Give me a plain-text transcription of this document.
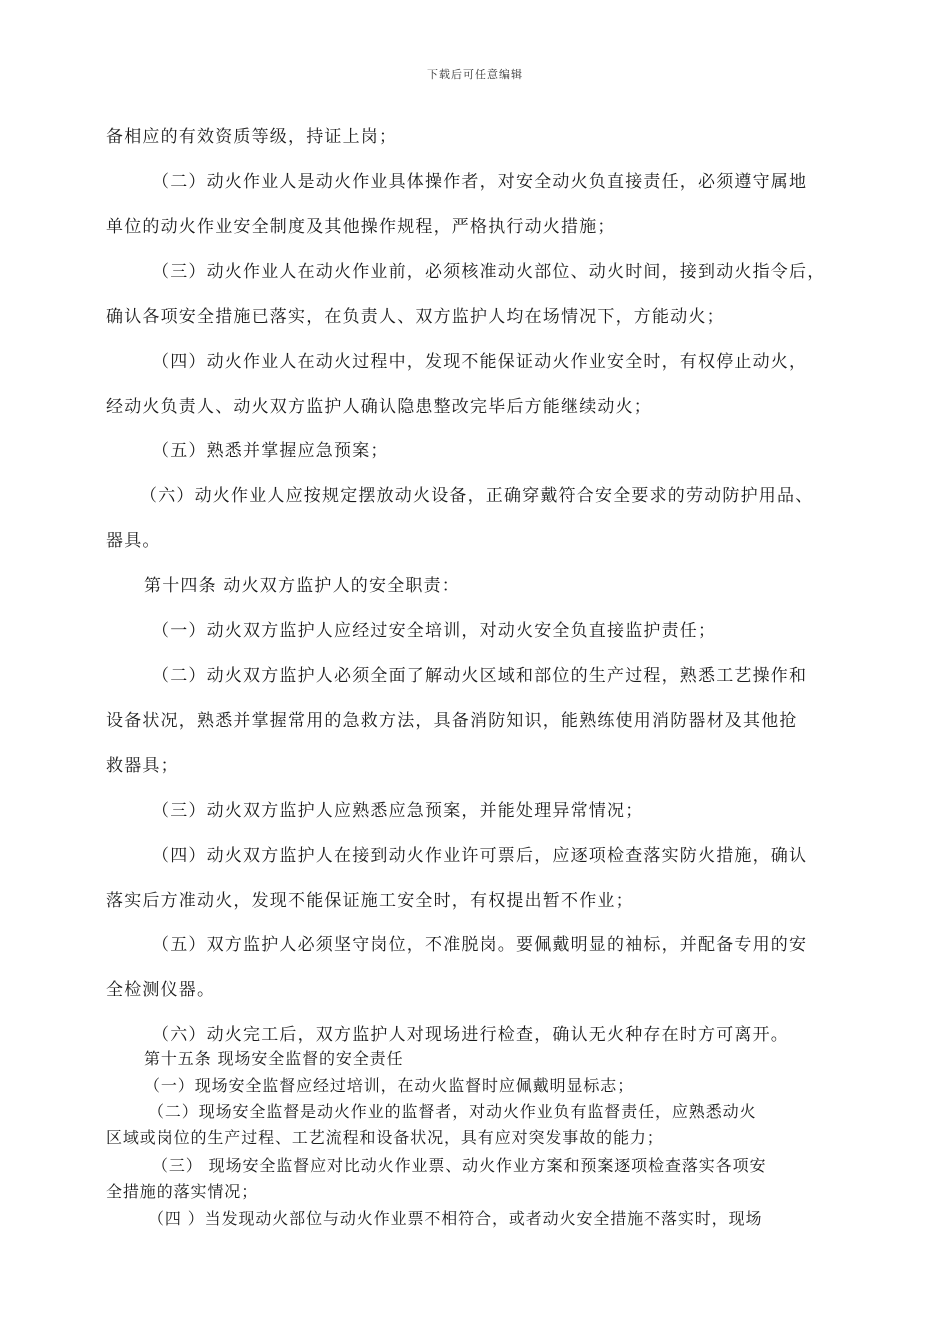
下载后可任意编辑
备相应的有效资质等级，持证上岗；
（二）动火作业人是动火作业具体操作者，对安全动火负直接责任，必须遵守属地
单位的动火作业安全制度及其他操作规程，严格执行动火措施；
（三）动火作业人在动火作业前，必须核准动火部位、动火时间，接到动火指令后，
确认各项安全措施已落实，在负责人、双方监护人均在场情况下，方能动火；
（四）动火作业人在动火过程中，发现不能保证动火作业安全时，有权停止动火，
经动火负责人、动火双方监护人确认隐患整改完毕后方能继续动火；
（五）熟悉并掌握应急预案；
（六）动火作业人应按规定摆放动火设备，正确穿戴符合安全要求的劳动防护用品、
器具。
第十四条 动火双方监护人的安全职责：
（一）动火双方监护人应经过安全培训，对动火安全负直接监护责任；
（二）动火双方监护人必须全面了解动火区域和部位的生产过程，熟悉工艺操作和
设备状况，熟悉并掌握常用的急救方法，具备消防知识，能熟练使用消防器材及其他抢
救器具；
（三）动火双方监护人应熟悉应急预案，并能处理异常情况；
（四）动火双方监护人在接到动火作业许可票后，应逐项检查落实防火措施，确认
落实后方准动火，发现不能保证施工安全时，有权提出暂不作业；
（五）双方监护人必须坚守岗位，不准脱岗。要佩戴明显的袖标，并配备专用的安
全检测仪器。
（六）动火完工后，双方监护人对现场进行检查，确认无火种存在时方可离开。
第十五条 现场安全监督的安全责任
（一）现场安全监督应经过培训，在动火监督时应佩戴明显标志；
（二）现场安全监督是动火作业的监督者，对动火作业负有监督责任，应熟悉动火
区域或岗位的生产过程、工艺流程和设备状况，具有应对突发事故的能力；
（三） 现场安全监督应对比动火作业票、动火作业方案和预案逐项检查落实各项安
全措施的落实情况；
（四 ）当发现动火部位与动火作业票不相符合，或者动火安全措施不落实时，现场
